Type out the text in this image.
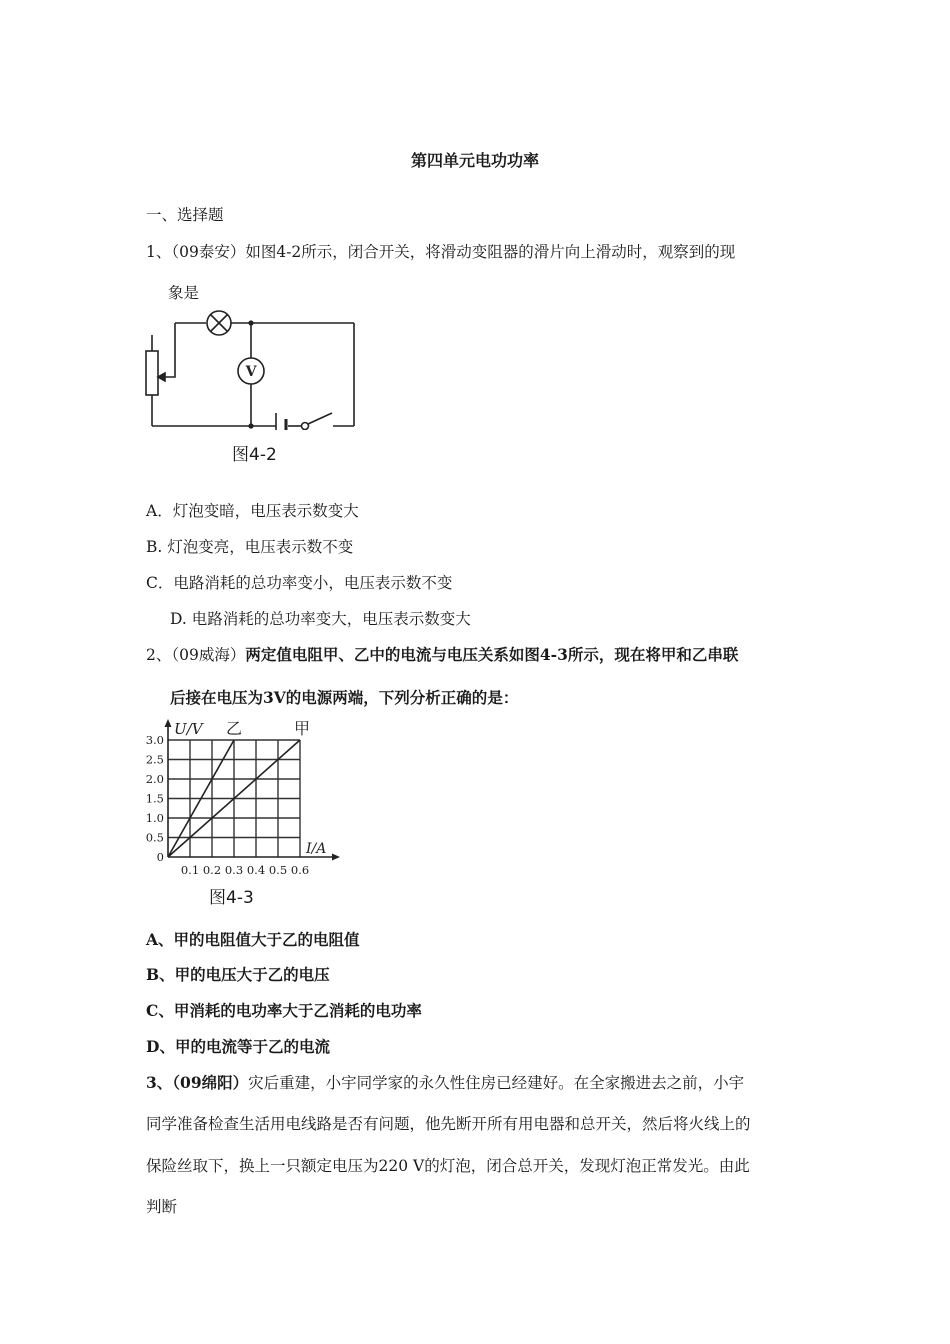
第四单元电功功率
一、选择题
1、（09泰安）如图4-2所示，闭合开关，将滑动变阻器的滑片向上滑动时，观察到的现
象是
V
图4-2
A．灯泡变暗，电压表示数变大
B. 灯泡变亮，电压表示数不变
C．电路消耗的总功率变小，电压表示数不变
D. 电路消耗的总功率变大，电压表示数变大
2、（09威海）两定值电阻甲、乙中的电流与电压关系如图4-3所示，现在将甲和乙串联
后接在电压为3V的电源两端，下列分析正确的是：
0
0.5
1.0
1.5
2.0
2.5
3.0
0.1 0.2 0.3 0.4 0.5 0.6
U/V
I/A
乙	甲
图4-3
A、甲的电阻值大于乙的电阻值
B、甲的电压大于乙的电压
C、甲消耗的电功率大于乙消耗的电功率
D、甲的电流等于乙的电流
3、（09绵阳）灾后重建，小宇同学家的永久性住房已经建好。在全家搬进去之前，小宇
同学准备检查生活用电线路是否有问题，他先断开所有用电器和总开关，然后将火线上的
保险丝取下，换上一只额定电压为220 V的灯泡，闭合总开关，发现灯泡正常发光。由此
判断
